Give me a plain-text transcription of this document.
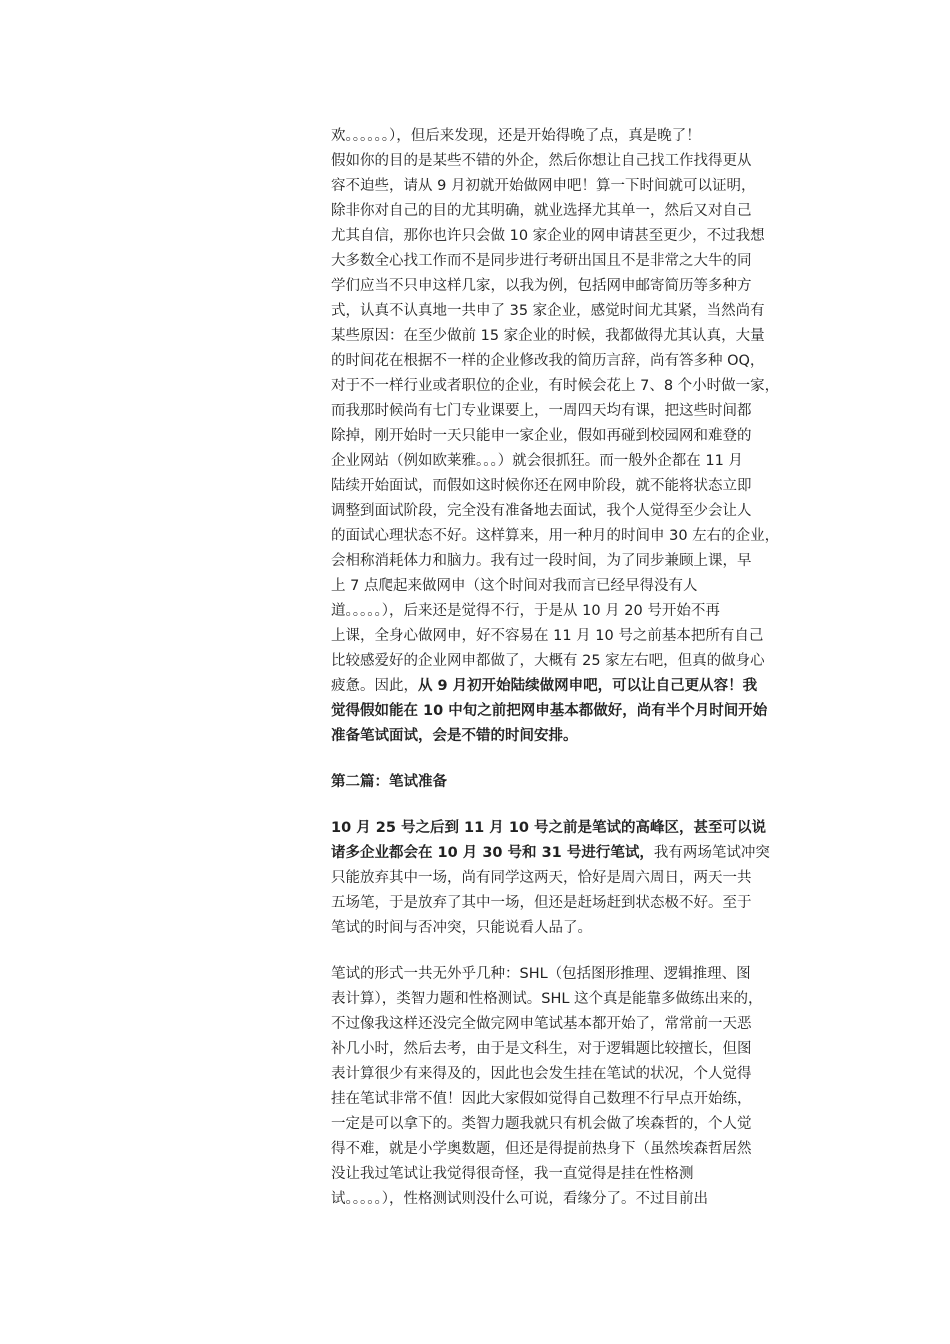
欢。。。。。。），但后来发现，还是开始得晚了点，真是晚了！
假如你的目的是某些不错的外企，然后你想让自己找工作找得更从
容不迫些，请从 9 月初就开始做网申吧！算一下时间就可以证明，
除非你对自己的目的尤其明确，就业选择尤其单一，然后又对自己
尤其自信，那你也许只会做 10 家企业的网申请甚至更少，不过我想
大多数全心找工作而不是同步进行考研出国且不是非常之大牛的同
学们应当不只申这样几家，以我为例，包括网申邮寄简历等多种方
式，认真不认真地一共申了 35 家企业，感觉时间尤其紧，当然尚有
某些原因：在至少做前 15 家企业的时候，我都做得尤其认真，大量
的时间花在根据不一样的企业修改我的简历言辞，尚有答多种 OQ，
对于不一样行业或者职位的企业，有时候会花上 7、8 个小时做一家，
而我那时候尚有七门专业课要上，一周四天均有课，把这些时间都
除掉，刚开始时一天只能申一家企业，假如再碰到校园网和难登的
企业网站（例如欧莱雅。。。）就会很抓狂。而一般外企都在 11 月
陆续开始面试，而假如这时候你还在网申阶段，就不能将状态立即
调整到面试阶段，完全没有准备地去面试，我个人觉得至少会让人
的面试心理状态不好。这样算来，用一种月的时间申 30 左右的企业，
会相称消耗体力和脑力。我有过一段时间，为了同步兼顾上课，早
上 7 点爬起来做网申（这个时间对我而言已经早得没有人
道。。。。。），后来还是觉得不行，于是从 10 月 20 号开始不再
上课，全身心做网申，好不容易在 11 月 10 号之前基本把所有自己
比较感爱好的企业网申都做了，大概有 25 家左右吧，但真的做身心
疲惫。因此，从 9 月初开始陆续做网申吧，可以让自己更从容！我
觉得假如能在 10 中旬之前把网申基本都做好，尚有半个月时间开始
准备笔试面试，会是不错的时间安排。
第二篇：笔试准备
10 月 25 号之后到 11 月 10 号之前是笔试的高峰区，甚至可以说
诸多企业都会在 10 月 30 号和 31 号进行笔试，我有两场笔试冲突
只能放弃其中一场，尚有同学这两天，恰好是周六周日，两天一共
五场笔，于是放弃了其中一场，但还是赶场赶到状态极不好。至于
笔试的时间与否冲突，只能说看人品了。
笔试的形式一共无外乎几种：SHL（包括图形推理、逻辑推理、图
表计算），类智力题和性格测试。SHL 这个真是能靠多做练出来的，
不过像我这样还没完全做完网申笔试基本都开始了，常常前一天恶
补几小时，然后去考，由于是文科生，对于逻辑题比较擅长，但图
表计算很少有来得及的，因此也会发生挂在笔试的状况，个人觉得
挂在笔试非常不值！因此大家假如觉得自己数理不行早点开始练，
一定是可以拿下的。类智力题我就只有机会做了埃森哲的，个人觉
得不难，就是小学奥数题，但还是得提前热身下（虽然埃森哲居然
没让我过笔试让我觉得很奇怪，我一直觉得是挂在性格测
试。。。。。），性格测试则没什么可说，看缘分了。不过目前出
